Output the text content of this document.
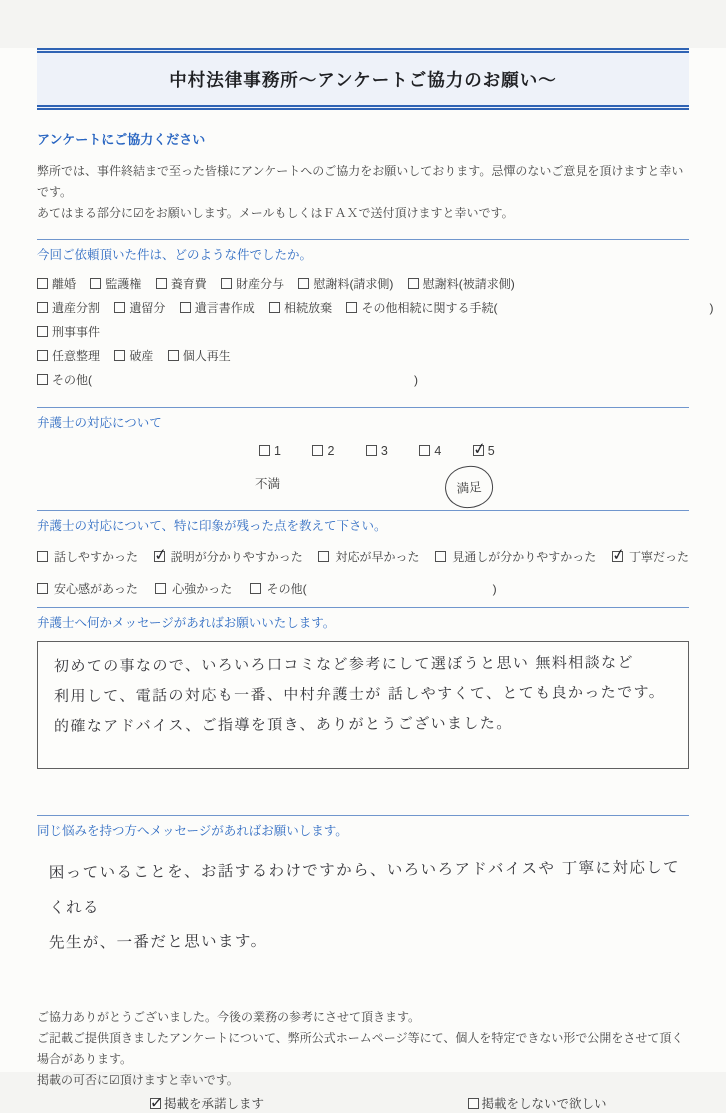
中村法律事務所～アンケートご協力のお願い～
アンケートにご協力ください
弊所では、事件終結まで至った皆様にアンケートへのご協力をお願いしております。忌憚のないご意見を頂けますと幸いです。
あてはまる部分に☑をお願いします。メールもしくはＦＡＸで送付頂けますと幸いです。
今回ご依頼頂いた件は、どのような件でしたか。
離婚 監護権 養育費 財産分与 慰謝料(請求側) 慰謝料(被請求側)
遺産分割 遺留分 遺言書作成 相続放棄 その他相続に関する手続(	)
刑事事件
任意整理 破産 個人再生
その他(	)
弁護士の対応について
1	2	3	4 ✓	5
不満	満足
弁護士の対応について、特に印象が残った点を教えて下さい。
話しやすかった ✓	説明が分かりやすかった	対応が早かった	見通しが分かりやすかった ✓	丁寧だった
安心感があった	心強かった	その他(	)
弁護士へ何かメッセージがあればお願いいたします。
初めての事なので、いろいろ口コミなど参考にして選ぼうと思い 無料相談など
利用して、電話の対応も一番、中村弁護士が 話しやすくて、とても良かったです。
的確なアドバイス、ご指導を頂き、ありがとうございました。
同じ悩みを持つ方へメッセージがあればお願いします。
困っていることを、お話するわけですから、いろいろアドバイスや 丁寧に対応してくれる
先生が、一番だと思います。
ご協力ありがとうございました。今後の業務の参考にさせて頂きます。
ご記載ご提供頂きましたアンケートについて、弊所公式ホームページ等にて、個人を特定できない形で公開をさせて頂く場合があります。
掲載の可否に☑頂けますと幸いです。
✓掲載を承諾します	掲載をしないで欲しい
